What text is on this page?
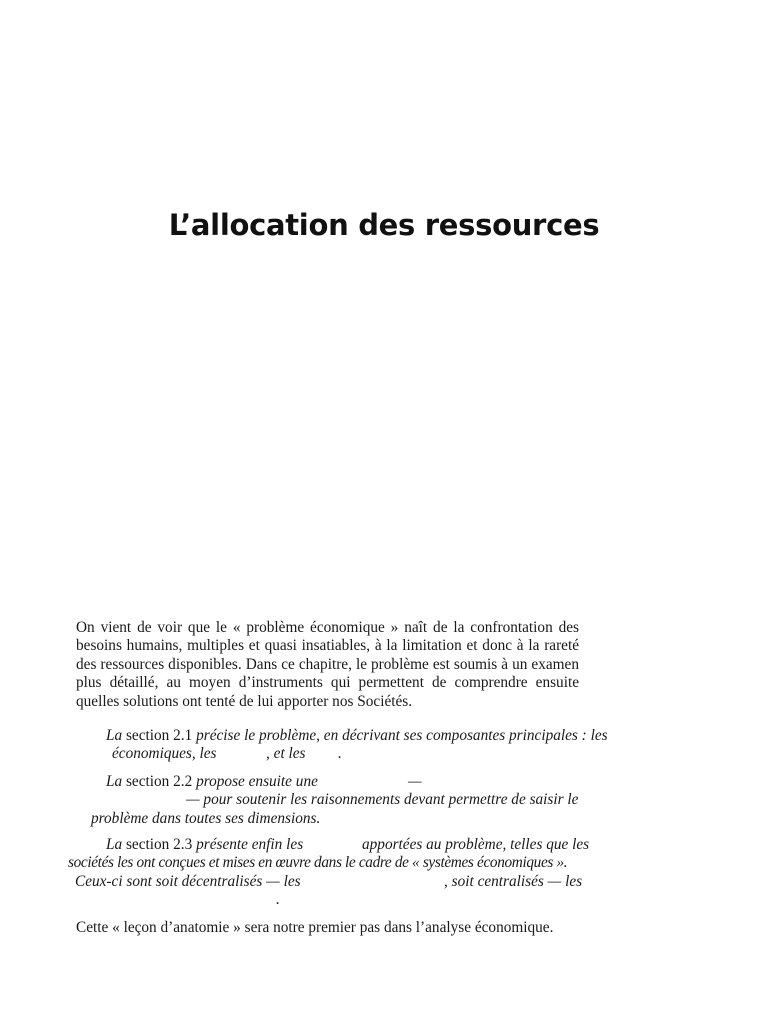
L’allocation des ressources

On vient de voir que le « problème économique » naît de la confrontation des besoins humains, multiples et quasi insatiables, à la limitation et donc à la rareté des ressources disponibles. Dans ce chapitre, le problème est soumis à un examen plus détaillé, au moyen d’instruments qui permettent de comprendre ensuite quelles solutions ont tenté de lui apporter nos Sociétés.

La section 2.1 précise le problème, en décrivant ses composantes principales : les
économiques, les	, et les .
La section 2.2 propose ensuite une	—
— pour soutenir les raisonnements devant permettre de saisir le
problème dans toutes ses dimensions.
La section 2.3 présente enfin les	apportées au problème, telles que les
sociétés les ont conçues et mises en œuvre dans le cadre de « systèmes économiques ».
Ceux-ci sont soit décentralisés — les	, soit centralisés — les
.

Cette « leçon d’anatomie » sera notre premier pas dans l’analyse économique.
